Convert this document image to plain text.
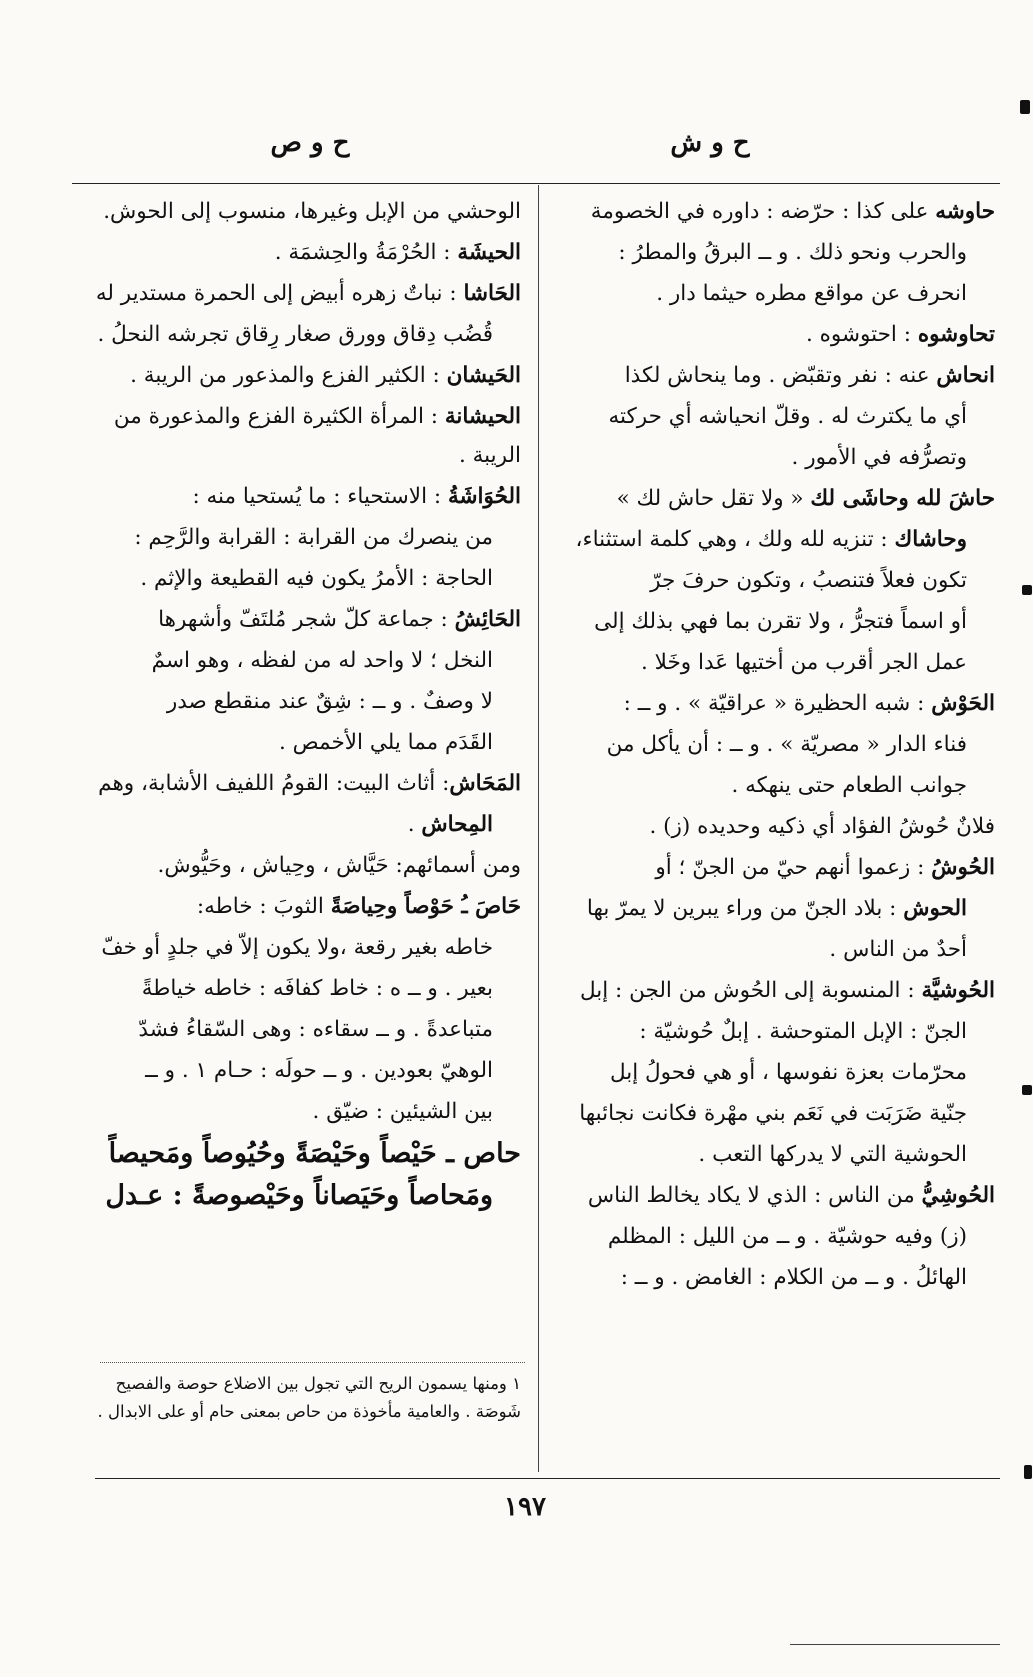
ح و ش
ح و ص
حاوشه على كذا : حرّضه : داوره في الخصومة
والحرب ونحو ذلك . و ــ البرقُ والمطرُ :
انحرف عن مواقع مطره حيثما دار .
تحاوشوه : احتوشوه .
انحاش عنه : نفر وتقبّض . وما ينحاش لكذا
أي ما يكترث له . وقلّ انحياشه أي حركته
وتصرُّفه في الأمور .
حاشَ لله وحاشَى لك « ولا تقل حاش لك »
وحاشاك : تنزيه لله ولك ، وهي كلمة استثناء،
تكون فعلاً فتنصبُ ، وتكون حرفَ جرّ
أو اسماً فتجرُّ ، ولا تقرن بما فهي بذلك إلى
عمل الجر أقرب من أختيها عَدا وخَلا .
الحَوْش : شبه الحظيرة « عراقيّة » . و ــ :
فناء الدار « مصريّة » . و ــ : أن يأكل من
جوانب الطعام حتى ينهكه .
فلانٌ حُوشُ الفؤاد أي ذكيه وحديده (ز) .
الحُوشُ : زعموا أنهم حيّ من الجنّ ؛ أو
الحوش : بلاد الجنّ من وراء يبرين لا يمرّ بها
أحدٌ من الناس .
الحُوشيَّة : المنسوبة إلى الحُوش من الجن : إبل
الجنّ : الإبل المتوحشة . إبلٌ حُوشيّة :
محرّمات بعزة نفوسها ، أو هي فحولُ إبل
جنّية ضَرَبَت في نَعَم بني مهْرة فكانت نجائبها
الحوشية التي لا يدركها التعب .
الحُوشِيُّ من الناس : الذي لا يكاد يخالط الناس
(ز) وفيه حوشيّة . و ــ من الليل : المظلم
الهائلُ . و ــ من الكلام : الغامض . و ــ :
الوحشي من الإبل وغيرها، منسوب إلى الحوش.
الحيشَة : الحُرْمَةُ والحِشمَة .
الحَاشا : نباتٌ زهره أبيض إلى الحمرة مستدير له
قُضُب دِقاق وورق صغار رِقاق تجرشه النحلُ .
الحَيشان : الكثير الفزع والمذعور من الريبة .
الحيشانة : المرأة الكثيرة الفزع والمذعورة من الريبة .
الحُوَاشَةُ : الاستحياء : ما يُستحيا منه :
من ينصرك من القرابة : القرابة والرَّحِم :
الحاجة : الأمرُ يكون فيه القطيعة والإثم .
الحَائِشُ : جماعة كلّ شجر مُلتَفّ وأشهرها
النخل ؛ لا واحد له من لفظه ، وهو اسمٌ
لا وصفٌ . و ــ : شِقٌ عند منقطع صدر
القَدَم مما يلي الأخمص .
المَحَاش: أثاث البيت: القومُ اللفيف الأشابة، وهم
المِحاش .
ومن أسمائهم: حَيَّاش ، وحِياش ، وحَيُّوش.
حَاصَ ـُ حَوْصاً وحِياصَةً الثوبَ : خاطه:
خاطه بغير رقعة ،ولا يكون إلاّ في جلدٍ أو خفّ
بعير . و ــ ه : خاط كفافَه : خاطه خياطةً
متباعدةً . و ــ سقاءه : وهى السّقاءُ فشدّ
الوهيّ بعودين . و ــ حولَه : حـام ١ . و ــ
بين الشيئين : ضيّق .
حاص ـ حَيْصاً وحَيْصَةً وحُيُوصاً ومَحيصاً
ومَحاصاً وحَيَصاناً وحَيْصوصةً : عـدل
١ ومنها يسمون الريح التي تجول بين الاضلاع حوصة والفصيح شَوصَة . والعامية مأخوذة من حاص بمعنى حام أو على الابدال .
١٩٧
